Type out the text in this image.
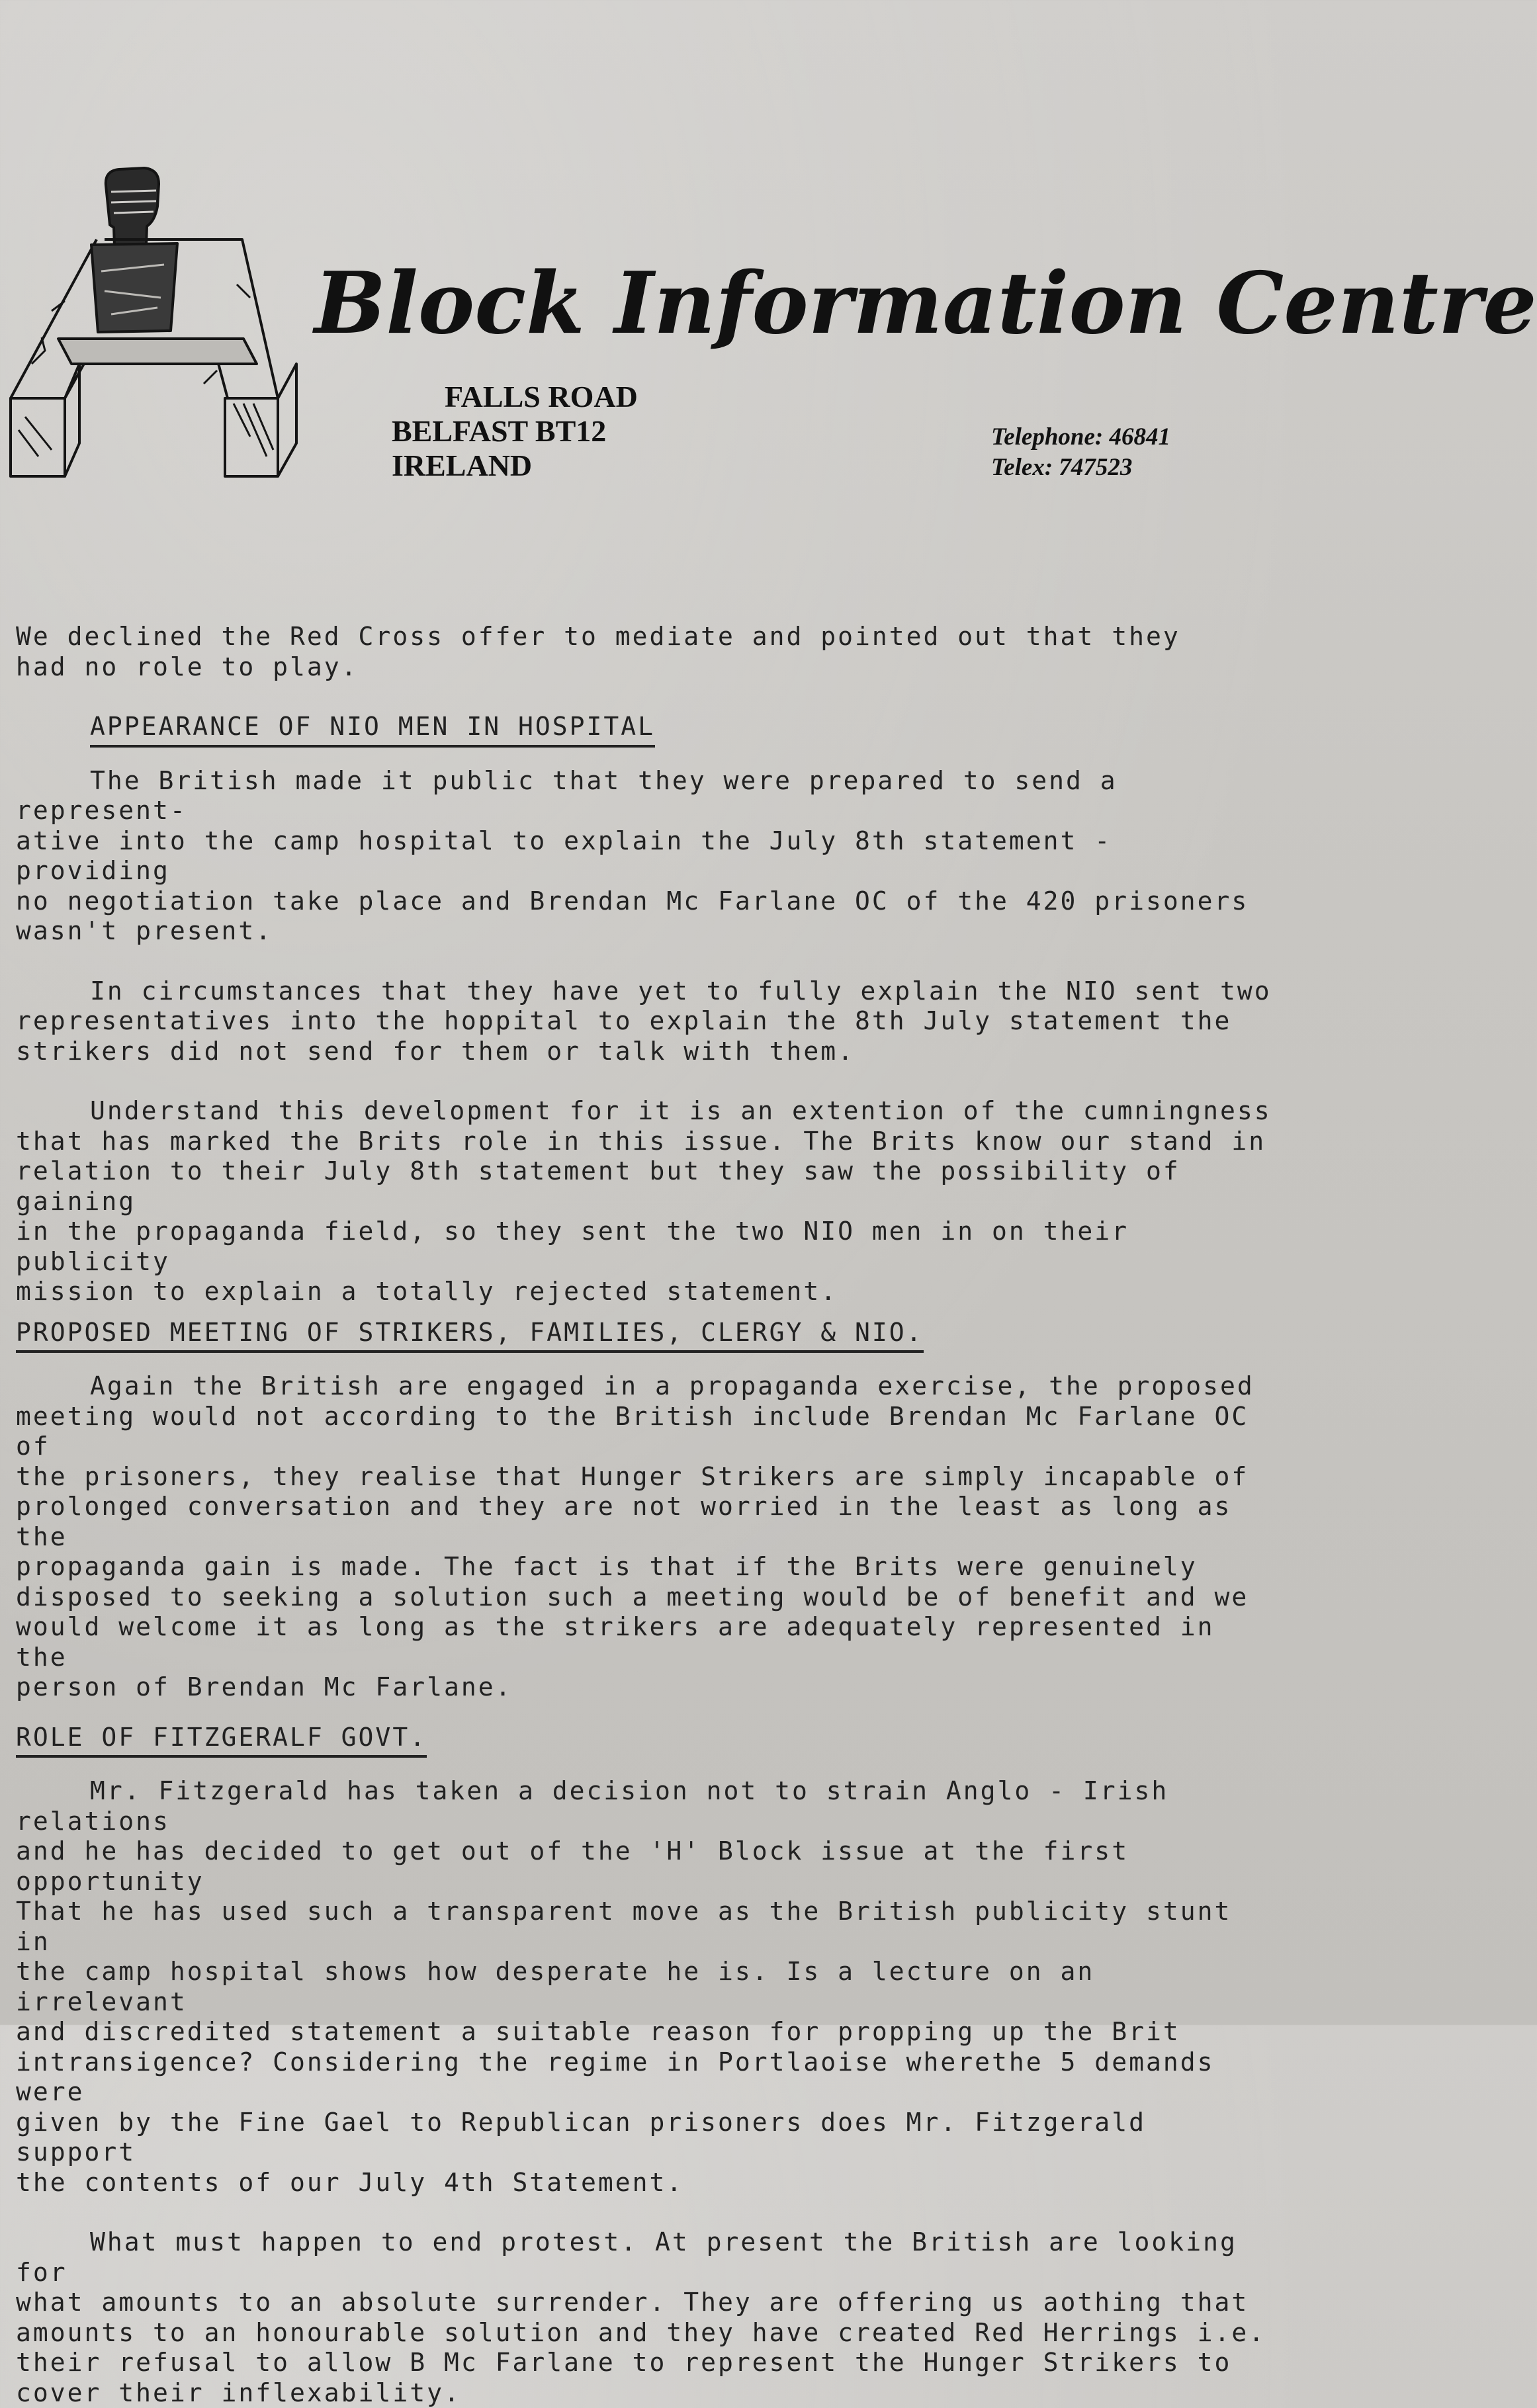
Block Information Centre
FALLS ROAD
BELFAST BT12
IRELAND
Telephone: 46841
Telex: 747523

We declined the Red Cross offer to mediate and pointed out that they
had no role to play.

APPEARANCE OF NIO MEN IN HOSPITAL

The British made it public that they were prepared to send a represent-
ative into the camp hospital to explain the July 8th statement - providing
no negotiation take place and Brendan Mc Farlane OC of the 420 prisoners
wasn't present.

In circumstances that they have yet to fully explain the NIO sent two
representatives into the hoppital to explain the 8th July statement the
strikers did not send for them or talk with them.

Understand this development for it is an extention of the cumningness
that has marked the Brits role in this issue. The Brits know our stand in
relation to their July 8th statement but they saw the possibility of gaining
in the propaganda field, so they sent the two NIO men in on their publicity
mission to explain a totally rejected statement.

PROPOSED MEETING OF STRIKERS, FAMILIES, CLERGY & NIO.

Again the British are engaged in a propaganda exercise, the proposed
meeting would not according to the British include Brendan Mc Farlane OC of
the prisoners, they realise that Hunger Strikers are simply incapable of
prolonged conversation and they are not worried in the least as long as the
propaganda gain is made. The fact is that if the Brits were genuinely
disposed to seeking a solution such a meeting would be of benefit and we
would welcome it as long as the strikers are adequately represented in the
person of Brendan Mc Farlane.

ROLE OF FITZGERALF GOVT.

Mr. Fitzgerald has taken a decision not to strain Anglo - Irish relations
and he has decided to get out of the 'H' Block issue at the first opportunity
That he has used such a transparent move as the British publicity stunt in
the camp hospital shows how desperate he is. Is a lecture on an irrelevant
and discredited statement a suitable reason for propping up the Brit
intransigence? Considering the regime in Portlaoise wherethe 5 demands were
given by the Fine Gael to Republican prisoners does Mr. Fitzgerald support
the contents of our July 4th Statement.

What must happen to end protest. At present the British are looking for
what amounts to an absolute surrender. They are offering us aothing that
amounts to an honourable solution and they have created Red Herrings i.e.
their refusal to allow B Mc Farlane to represent the Hunger Strikers to
cover their inflexability.
